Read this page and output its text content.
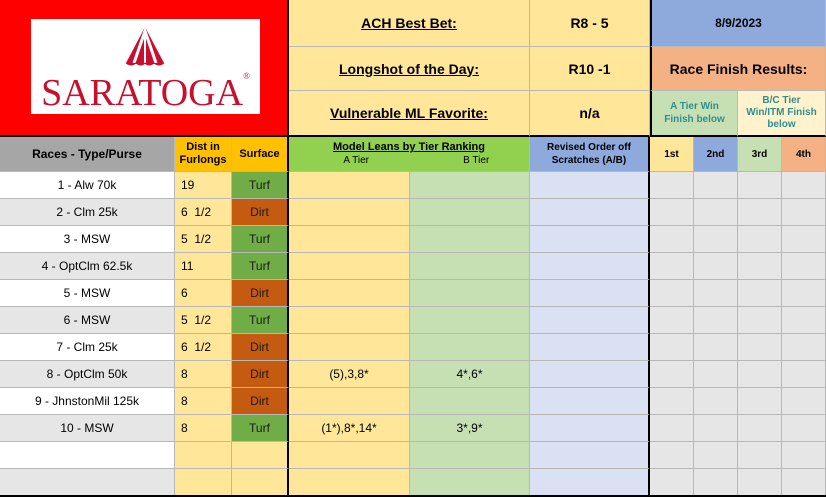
SARATOGA®
ACH Best Bet:	R8 - 5
Longshot of the Day:	R10 -1
Vulnerable ML Favorite:	n/a
8/9/2023
Race Finish Results:
A Tier Win Finish below
B/C Tier Win/ITM Finish below
Races - Type/Purse	Dist in Furlongs	Surface
Model Leans by Tier Ranking
A Tier	B Tier
Revised Order off Scratches (A/B)
1st	2nd	3rd	4th
1 - Alw 70k	19	Turf
2 - Clm 25k	6  1/2	Dirt
3 - MSW	5  1/2	Turf
4 - OptClm 62.5k	11	Turf
5 - MSW	6	Dirt
6 - MSW	5  1/2	Turf
7 - Clm 25k	6  1/2	Dirt
8 - OptClm 50k	8	Dirt	(5),3,8*	4*,6*
9 - JhnstonMil 125k	8	Dirt
10 - MSW	8	Turf	(1*),8*,14*	3*,9*
